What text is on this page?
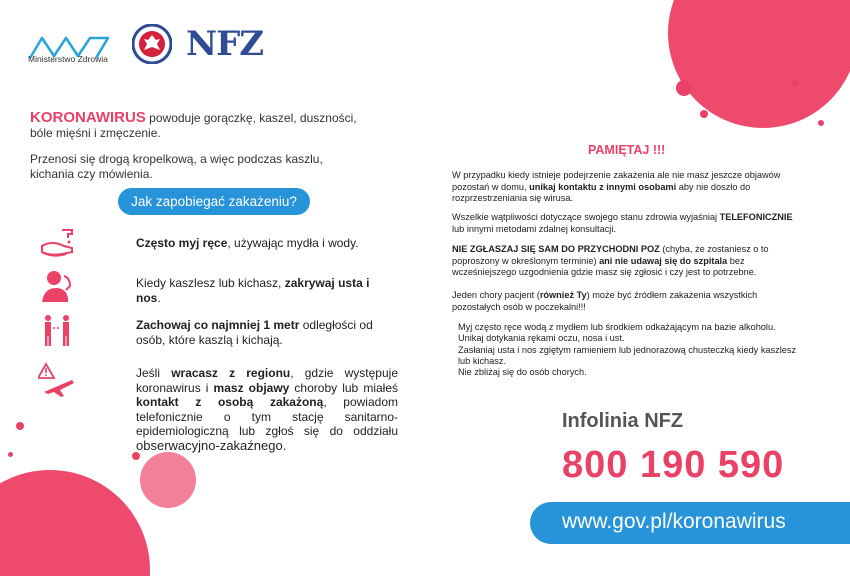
Ministerstwo Zdrowia NFZ
KORONAWIRUS powoduje gorączkę, kaszel, duszności, bóle mięśni i zmęczenie.
Przenosi się drogą kropelkową, a więc podczas kaszlu, kichania czy mówienia.
Jak zapobiegać zakażeniu?
Często myj ręce, używając mydła i wody.
Kiedy kaszlesz lub kichasz, zakrywaj usta i nos.
Zachowaj co najmniej 1 metr odległości od osób, które kaszlą i kichają.
Jeśli wracasz z regionu, gdzie występuje koronawirus i masz objawy choroby lub miałeś kontakt z osobą zakażoną, powiadom telefonicznie o tym stację sanitarno-epidemiologiczną lub zgłoś się do oddziału obserwacyjno-zakaźnego.
PAMIĘTAJ !!!
W przypadku kiedy istnieje podejrzenie zakażenia ale nie masz jeszcze objawów pozostań w domu, unikaj kontaktu z innymi osobami aby nie doszło do rozprzestrzeniania się wirusa.
Wszelkie wątpliwości dotyczące swojego stanu zdrowia wyjaśniaj TELEFONICZNIE lub innymi metodami zdalnej konsultacji.
NIE ZGŁASZAJ SIĘ SAM DO PRZYCHODNI POZ (chyba, że zostaniesz o to poproszony w określonym terminie) ani nie udawaj się do szpitala bez wcześniejszego uzgodnienia gdzie masz się zgłosić i czy jest to potrzebne.
Jeden chory pacjent (również Ty) może być źródłem zakażenia wszystkich pozostałych osób w poczekalni!!!
Myj często ręce wodą z mydłem lub środkiem odkażającym na bazie alkoholu.
Unikaj dotykania rękami oczu, nosa i ust.
Zasłaniaj usta i nos zgiętym ramieniem lub jednorazową chusteczką kiedy kaszlesz
lub kichasz.
Nie zbliżaj się do osób chorych.
Infolinia NFZ
800 190 590
www.gov.pl/koronawirus
